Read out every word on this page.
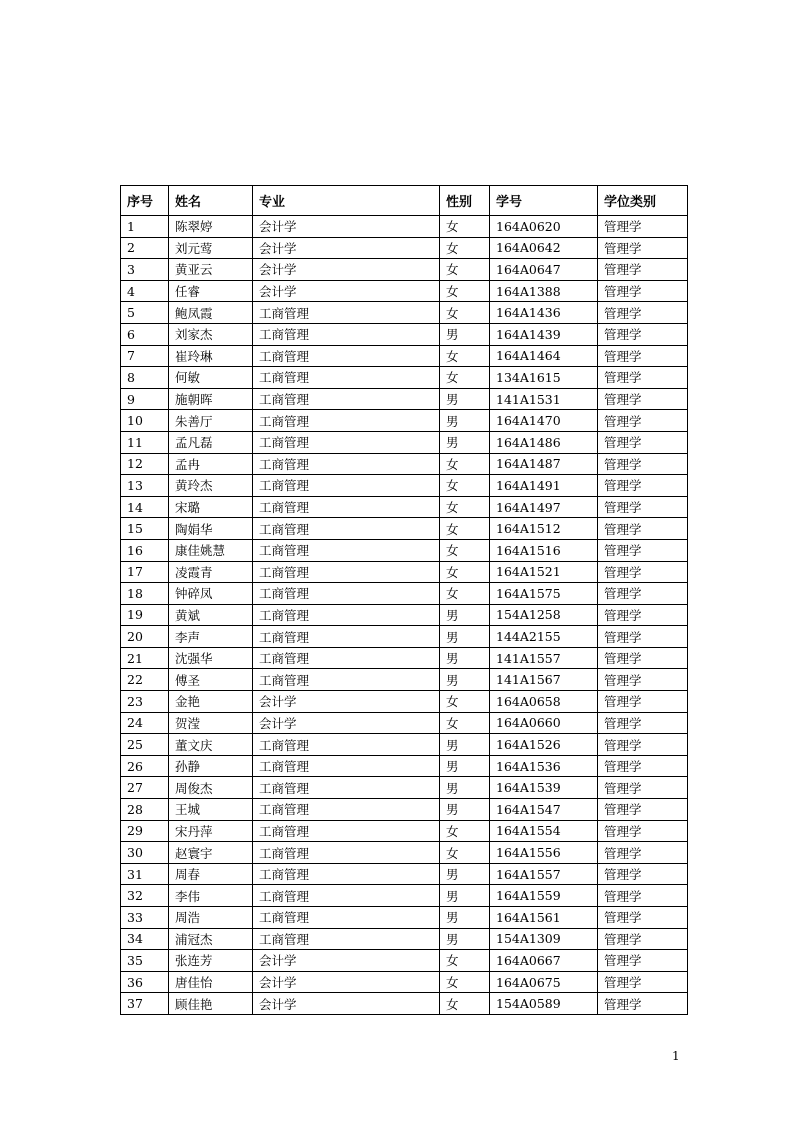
序号	姓名	专业	性别	学号	学位类别
1	陈翠婷	会计学	女	164A0620	管理学
2	刘元莺	会计学	女	164A0642	管理学
3	黄亚云	会计学	女	164A0647	管理学
4	任睿	会计学	女	164A1388	管理学
5	鲍凤霞	工商管理	女	164A1436	管理学
6	刘家杰	工商管理	男	164A1439	管理学
7	崔玲琳	工商管理	女	164A1464	管理学
8	何敏	工商管理	女	134A1615	管理学
9	施朝晖	工商管理	男	141A1531	管理学
10	朱善厅	工商管理	男	164A1470	管理学
11	孟凡磊	工商管理	男	164A1486	管理学
12	孟冉	工商管理	女	164A1487	管理学
13	黄玲杰	工商管理	女	164A1491	管理学
14	宋璐	工商管理	女	164A1497	管理学
15	陶娟华	工商管理	女	164A1512	管理学
16	康佳姚慧	工商管理	女	164A1516	管理学
17	凌霞青	工商管理	女	164A1521	管理学
18	钟碎凤	工商管理	女	164A1575	管理学
19	黄斌	工商管理	男	154A1258	管理学
20	李声	工商管理	男	144A2155	管理学
21	沈强华	工商管理	男	141A1557	管理学
22	傅圣	工商管理	男	141A1567	管理学
23	金艳	会计学	女	164A0658	管理学
24	贺滢	会计学	女	164A0660	管理学
25	董文庆	工商管理	男	164A1526	管理学
26	孙静	工商管理	男	164A1536	管理学
27	周俊杰	工商管理	男	164A1539	管理学
28	王城	工商管理	男	164A1547	管理学
29	宋丹萍	工商管理	女	164A1554	管理学
30	赵寰宇	工商管理	女	164A1556	管理学
31	周春	工商管理	男	164A1557	管理学
32	李伟	工商管理	男	164A1559	管理学
33	周浩	工商管理	男	164A1561	管理学
34	浦冠杰	工商管理	男	154A1309	管理学
35	张连芳	会计学	女	164A0667	管理学
36	唐佳怡	会计学	女	164A0675	管理学
37	顾佳艳	会计学	女	154A0589	管理学
1
